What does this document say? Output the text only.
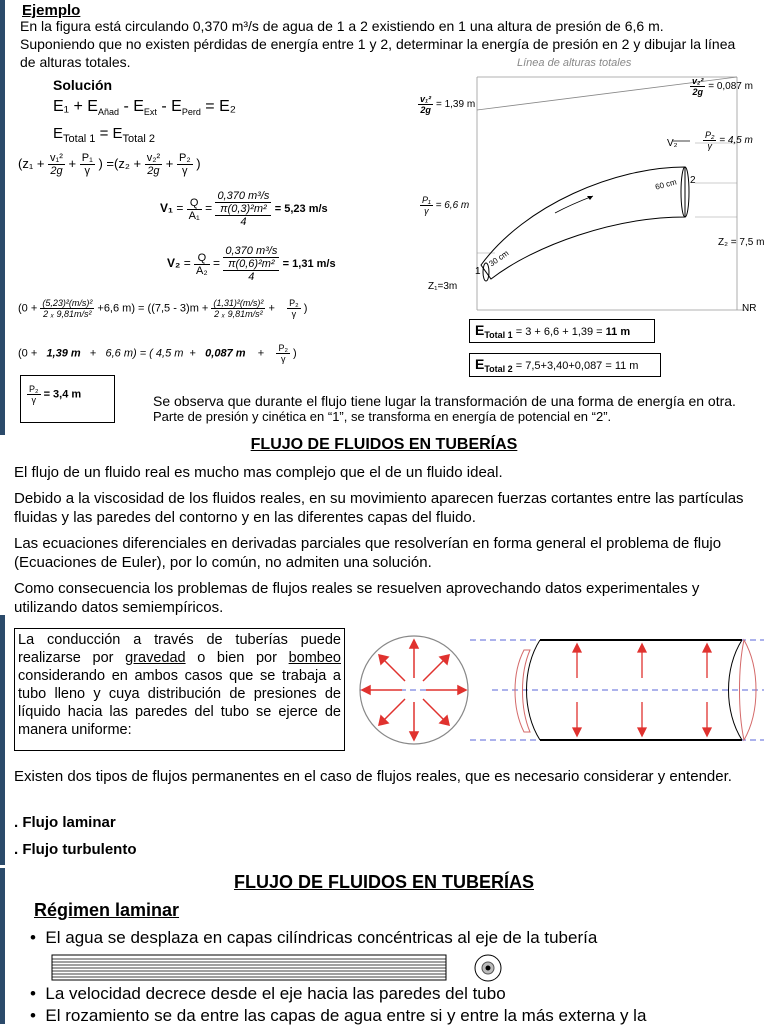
Ejemplo
En la figura está circulando 0,370 m³/s de agua de 1 a 2 existiendo en 1 una altura de presión de 6,6 m.
Suponiendo que no existen pérdidas de energía entre 1 y 2, determinar la energía de presión en 2 y dibujar la línea
de alturas totales.
Solución
$E_1 + E_{Añad} - E_{Ext} - E_{Perd} = E_2$
$E_{Total 1} = E_{Total 2}$
($z_1 + \frac{\text{v₁²}}{2g} + \frac{\text{P₁}}{\gamma}$ ) $=(z_2 + \frac{\text{v₂²}}{2g} + \frac{\text{P₂}}{\gamma}$ )
$V_1 = \frac{Q}{\text{A₁}}$ =
0,370 m³/s
π(0,3)²m²
4
= 5,23 m/s
$V_2 = \frac{Q}{\text{A₂}}$ =
0,370 m³/s
π(0,6)²m²
4
= 1,31 m/s
($0 + \frac{\text{(5,23)²(m/s)²}}{\text{2 ₓ 9,81m/s²}} +6,6$ $m) = ((7,5 - 3)m + \frac{\text{(1,31)²(m/s)²}}{\text{2 ₓ 9,81m/s²}} + \frac{\text{P₂}}{\gamma}$ )
(0 + 1,39 m + 6,6 m) = ( 4,5 m + 0,087 $m + \frac{\text{P₂}}{\gamma}$ )
$\frac{\text{P₂}}{\gamma} = 3,4$ m	Se observa que durante el flujo tiene lugar la transformación de una forma de energía en otra.
Parte de presión y cinética en “1”, se transforma en energía de potencial en “2”.
Línea de alturas totales
$\frac{\text{v₁²}}{2g} = 1,39$ m
$\frac{\text{v₂²}}{2g} = 0,087$ m
V₂	$\frac{\text{P₂}}{\gamma} = 4,5$ m
$\frac{\text{P₁}}{\gamma} = 6,6$ m
60 cm
30 cm
1
2
Z₂ = 7,5 m
Z₁=3m
NR
$E_{Total 1} = 3 + 6,6 + 1,39 = 11$ m
$E_{Total 2} = 7,5+3,40+0,087 = 11$ m
FLUJO DE FLUIDOS EN TUBERÍAS
El flujo de un fluido real es mucho mas complejo que el de un fluido ideal.
Debido a la viscosidad de los fluidos reales, en su movimiento aparecen fuerzas cortantes entre las partículas fluidas y las paredes del contorno y en las diferentes capas del fluido.
Las ecuaciones diferenciales en derivadas parciales que resolverían en forma general el problema de flujo (Ecuaciones de Euler), por lo común, no admiten una solución.
Como consecuencia los problemas de flujos reales se resuelven aprovechando datos experimentales y utilizando datos semiempíricos.
La conducción a través de tuberías puede realizarse por gravedad o bien por bombeo considerando en ambos casos que se trabaja a tubo lleno y cuya distribución de presiones de líquido hacia las paredes del tubo se ejerce de manera uniforme:
Existen dos tipos de flujos permanentes en el caso de flujos reales, que es necesario considerar y entender.
. Flujo laminar
. Flujo turbulento
FLUJO DE FLUIDOS EN TUBERÍAS
Régimen laminar
•  El agua se desplaza en capas cilíndricas concéntricas al eje de la tubería
•  La velocidad decrece desde el eje hacia las paredes del tubo
•  El rozamiento se da entre las capas de agua entre si y entre la más externa y la
